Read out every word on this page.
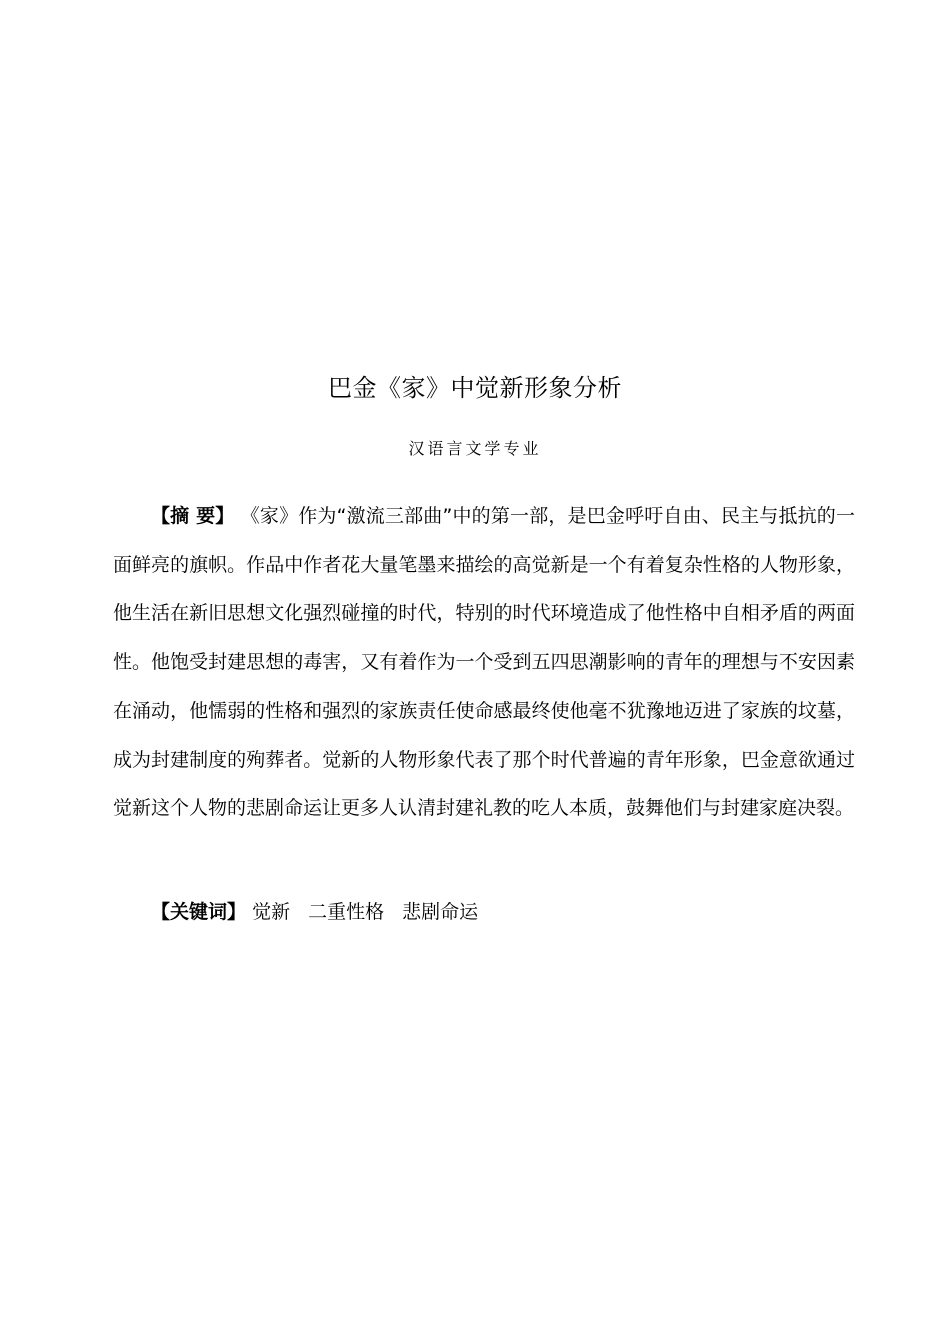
巴金《家》中觉新形象分析
汉语言文学专业

【摘 要】 《家》作为“激流三部曲”中的第一部，是巴金呼吁自由、民主与抵抗的一面鲜亮的旗帜。作品中作者花大量笔墨来描绘的高觉新是一个有着复杂性格的人物形象，他生活在新旧思想文化强烈碰撞的时代，特别的时代环境造成了他性格中自相矛盾的两面性。他饱受封建思想的毒害，又有着作为一个受到五四思潮影响的青年的理想与不安因素在涌动，他懦弱的性格和强烈的家族责任使命感最终使他毫不犹豫地迈进了家族的坟墓，成为封建制度的殉葬者。觉新的人物形象代表了那个时代普遍的青年形象，巴金意欲通过觉新这个人物的悲剧命运让更多人认清封建礼教的吃人本质，鼓舞他们与封建家庭决裂。

【关键词】 觉新 二重性格 悲剧命运
